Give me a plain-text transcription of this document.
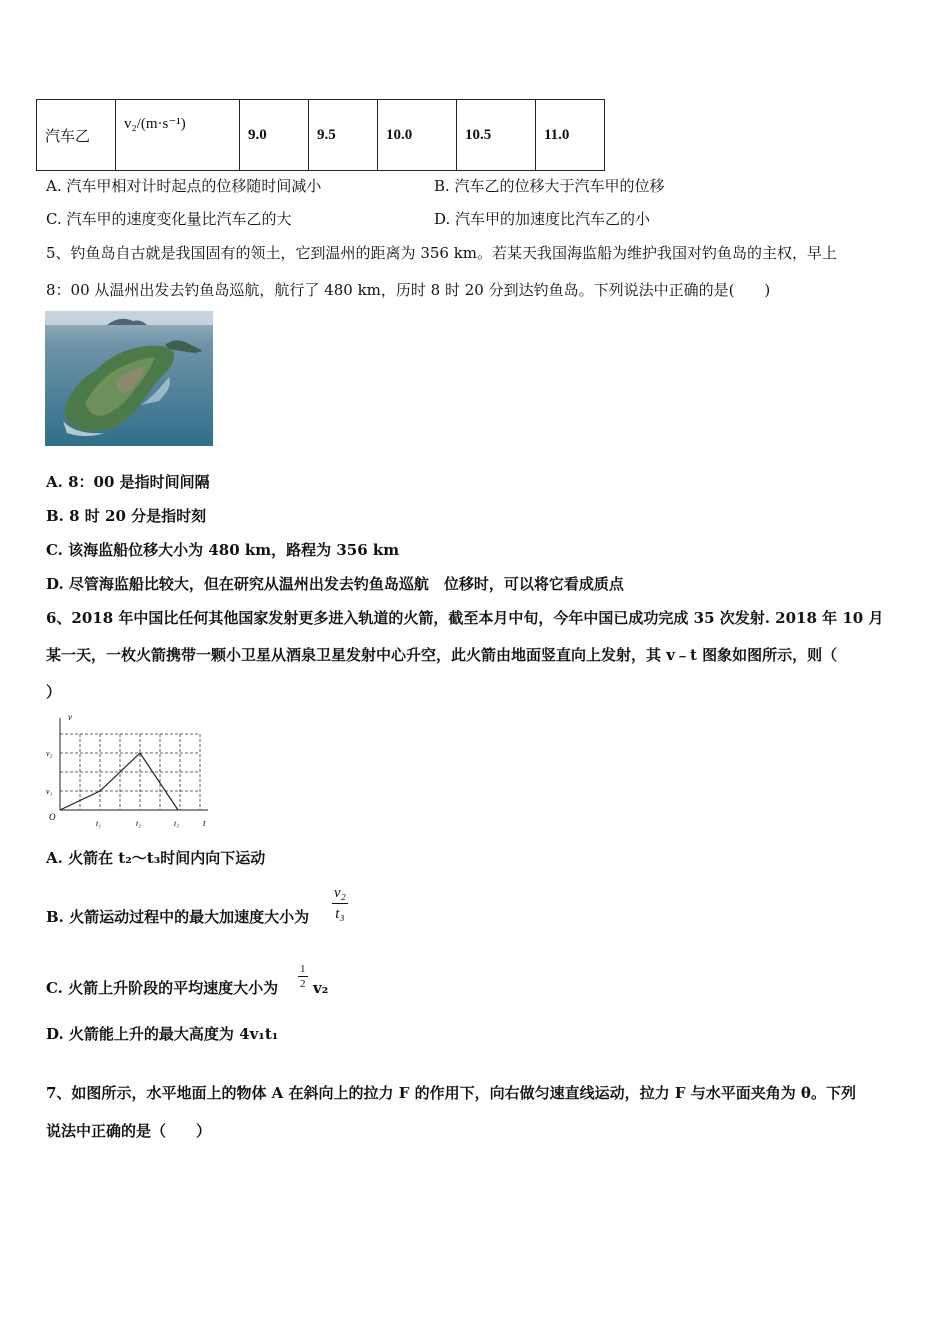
汽车乙	v₂/(m·s⁻¹)	9.0	9.5	10.0	10.5	11.0
A. 汽车甲相对计时起点的位移随时间减小	B. 汽车乙的位移大于汽车甲的位移
C. 汽车甲的速度变化量比汽车乙的大	D. 汽车甲的加速度比汽车乙的小
5、钓鱼岛自古就是我国固有的领土，它到温州的距离为 356 km。若某天我国海监船为维护我国对钓鱼岛的主权，早上
8：00 从温州出发去钓鱼岛巡航，航行了 480 km，历时 8 时 20 分到达钓鱼岛。下列说法中正确的是(　　)
A. 8：00 是指时间间隔
B. 8 时 20 分是指时刻
C. 该海监船位移大小为 480 km，路程为 356 km
D. 尽管海监船比较大，但在研究从温州出发去钓鱼岛巡航　位移时，可以将它看成质点
6、2018 年中国比任何其他国家发射更多进入轨道的火箭，截至本月中旬，今年中国已成功完成 35 次发射. 2018 年 10 月
某一天，一枚火箭携带一颗小卫星从酒泉卫星发射中心升空，此火箭由地面竖直向上发射，其 v﹣t 图象如图所示，则（
）
v
t
O
v₂
v₁
t₁	t₂	t₃
A. 火箭在 t₂～t₃时间内向下运动
B. 火箭运动过程中的最大加速度大小为 $\frac{\text{v₂}}{\text{t₃}}$
C. 火箭上升阶段的平均速度大小为 $\frac{1}{2} v_2$
D. 火箭能上升的最大高度为 4v₁t₁
7、如图所示，水平地面上的物体 A 在斜向上的拉力 F 的作用下，向右做匀速直线运动，拉力 F 与水平面夹角为 θ。下列
说法中正确的是（　　）
